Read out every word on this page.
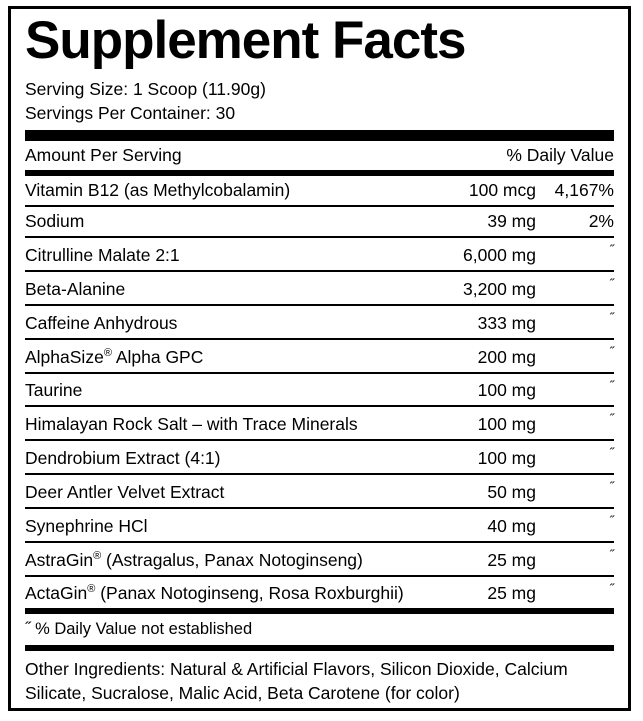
Supplement Facts
Serving Size: 1 Scoop (11.90g)
Servings Per Container: 30
Amount Per Serving		% Daily Value
Vitamin B12 (as Methylcobalamin)	100 mcg	4,167%
Sodium	39 mg	2%
Citrulline Malate 2:1	6,000 mg	˝
Beta-Alanine	3,200 mg	˝
Caffeine Anhydrous	333 mg	˝
AlphaSize® Alpha GPC	200 mg	˝
Taurine	100 mg	˝
Himalayan Rock Salt – with Trace Minerals	100 mg	˝
Dendrobium Extract (4:1)	100 mg	˝
Deer Antler Velvet Extract	50 mg	˝
Synephrine HCl	40 mg	˝
AstraGin® (Astragalus, Panax Notoginseng)	25 mg	˝
ActaGin® (Panax Notoginseng, Rosa Roxburghii)	25 mg	˝
˝ % Daily Value not established
Other Ingredients: Natural & Artificial Flavors, Silicon Dioxide, Calcium Silicate, Sucralose, Malic Acid, Beta Carotene (for color)
